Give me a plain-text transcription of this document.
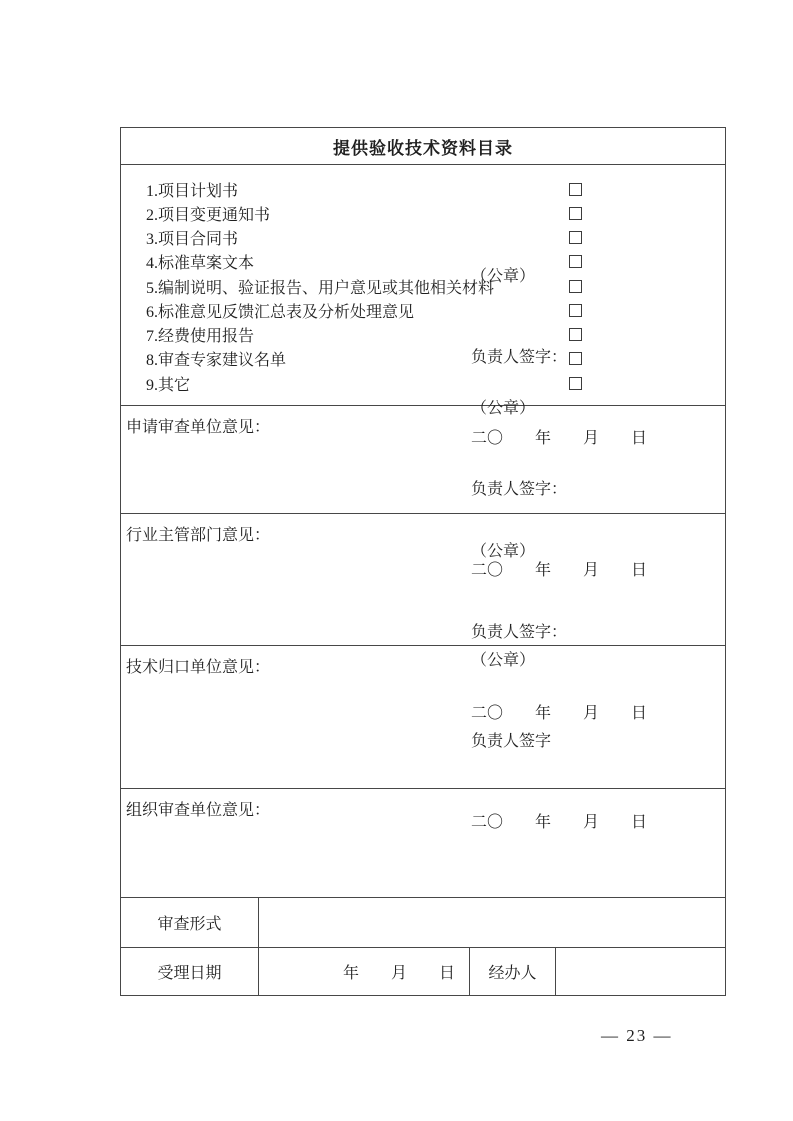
提供验收技术资料目录
1.项目计划书
2.项目变更通知书
3.项目合同书
4.标准草案文本
5.编制说明、验证报告、用户意见或其他相关材料
6.标准意见反馈汇总表及分析处理意见
7.经费使用报告
8.审查专家建议名单
9.其它
申请审查单位意见：

（公章）

负责人签字：

二〇　　年　　月　　日

行业主管部门意见：

（公章）

负责人签字：

二〇　　年　　月　　日

技术归口单位意见：

（公章）

负责人签字：

二〇　　年　　月　　日

组织审查单位意见：

（公章）

负责人签字

二〇　　年　　月　　日

审查形式
受理日期	年　　月　　日	经办人
— 23 —
